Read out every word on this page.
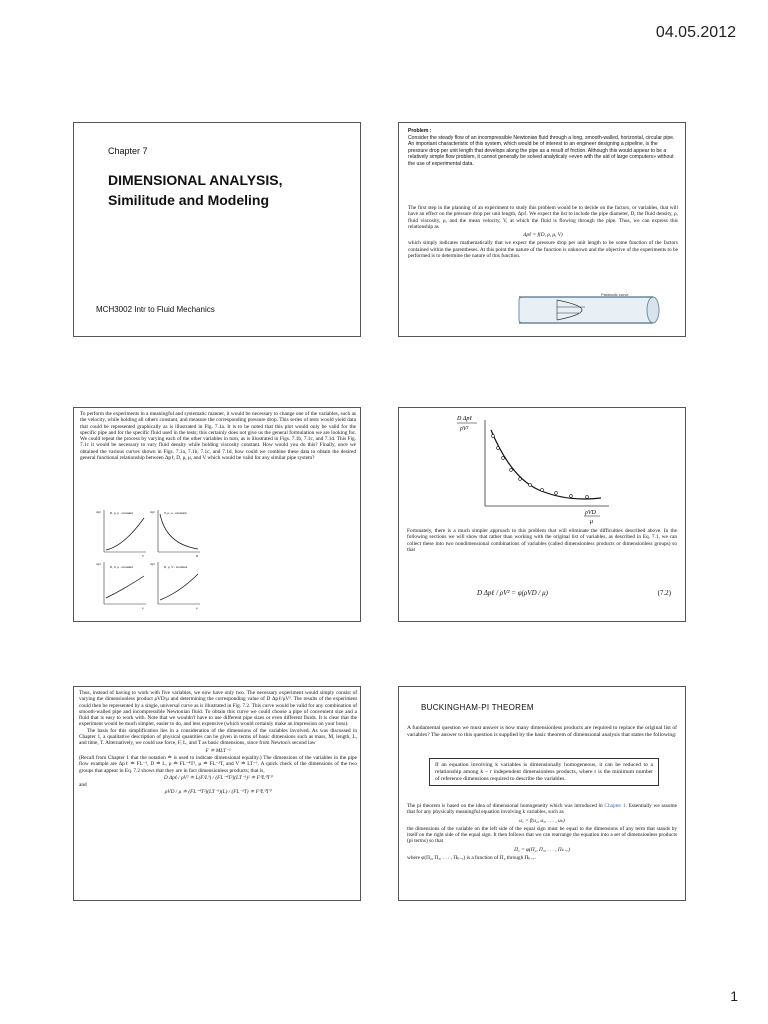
04.05.2012
Chapter 7
DIMENSIONAL ANALYSIS,
Similitude and Modeling
MCH3002 Intr to Fluid Mechanics
Problem :
Consider the steady flow of an incompressible Newtonian fluid through a long, smooth-walled, horizontal, circular pipe. An important characteristic of this system, which would be of interest to an engineer designing a pipeline, is the pressure drop per unit length that develops along the pipe as a result of friction. Although this would appear to be a relatively simple flow problem, it cannot generally be solved analyticaly «even with the aid of large computers» without the use of experimental data.
The first step in the planning of an experiment to study this problem would be to decide on the factors, or variables, that will have an effect on the pressure drop per unit length, Δpℓ. We expect the list to include the pipe diameter, D, the fluid density, ρ, fluid viscosity, μ, and the mean velocity, V, at which the fluid is flowing through the pipe. Thus, we can express this relationship as
Δpℓ = f(D, ρ, μ, V)
which simply indicates mathematically that we expect the pressure drop per unit length to be some function of the factors contained within the parentheses. At this point the nature of the function is unknown and the objective of the experiments to be performed is to determine the nature of this function.
Parabolic curve
To perform the experiments in a meaningful and systematic manner, it would be necessary to change one of the variables, such as the velocity, while holding all others constant, and measure the corresponding pressure drop. This series of tests would yield data that could be represented graphically as is illustrated in Fig. 7.1a. It is to be noted that this plot would only be valid for the specific pipe and for the specific fluid used in the tests; this certainly does not give us the general formulation we are looking for. We could repeat the process by varying each of the other variables in turn, as is illustrated in Figs. 7.1b, 7.1c, and 7.1d. This Fig. 7.1c it would be necessary to vary fluid density while holding viscosity constant. How would you do this? Finally, once we obtained the various curves shown in Figs. 7.1a, 7.1b, 7.1c, and 7.1d, how could we combine these data to obtain the desired general functional relationship between Δpℓ, D, ρ, μ, and V which would be valid for any similar pipe system?
D, ρ, μ - constant
Δpℓ
V
V, ρ, μ - constant
Δpℓ
D
D, V, μ - constant
Δpℓ
ρ
D, ρ, V - constant
Δpℓ
μ
D Δpℓ
ρV²
ρVD
μ
Fortunately, there is a much simpler approach to this problem that will eliminate the difficulties described above. In the following sections we will show that rather than working with the original list of variables, as described in Eq. 7.1, we can collect these into two nondimensional combinations of variables (called dimensionless products or dimensionless groups) so that
D Δpℓ / ρV² = φ(ρVD / μ)	(7.2)
Thus, instead of having to work with five variables, we now have only two. The necessary experiment would simply consist of varying the dimensionless product ρVD/μ and determining the corresponding value of D Δpℓ/ρV². The results of the experiment could then be represented by a single, universal curve as is illustrated in Fig. 7.2. This curve would be valid for any combination of smooth-walled pipe and incompressible Newtonian fluid. To obtain this curve we could choose a pipe of convenient size and a fluid that is easy to work with. Note that we wouldn't have to use different pipe sizes or even different fluids. It is clear that the experiment would be much simpler, easier to do, and less expensive (which would certainly make an impression on your boss).
The basis for this simplification lies in a consideration of the dimensions of the variables involved. As was discussed in Chapter 1, a qualitative description of physical quantities can be given in terms of basic dimensions such as mass, M, length, L, and time, T. Alternatively, we could use force, F, L, and T as basic dimensions, since from Newton's second law
F ≐ MLT⁻²
(Recall from Chapter 1 that the notation ≐ is used to indicate dimensional equality.) The dimensions of the variables in the pipe flow example are Δpℓ ≐ FL⁻³, D ≐ L, ρ ≐ FL⁻⁴T², μ ≐ FL⁻²T, and V ≐ LT⁻¹. A quick check of the dimensions of the two groups that appear in Eq. 7.2 shows that they are in fact dimensionless products; that is,
D Δpℓ / ρV² ≐ L(F/L³) / (FL⁻⁴T²)(LT⁻¹)² ≐ F⁰L⁰T⁰
and
ρVD / μ ≐ (FL⁻⁴T²)(LT⁻¹)(L) / (FL⁻²T) ≐ F⁰L⁰T⁰
BUCKINGHAM-PI THEOREM
A fundamental question we must answer is how many dimensionless products are required to replace the original list of variables? The answer to this question is supplied by the basic theorem of dimensional analysis that states the following:
If an equation involving k variables is dimensionally homogeneous, it can be reduced to a relationship among k − r independent dimensionless products, where r is the minimum number of reference dimensions required to describe the variables.
The pi theorem is based on the idea of dimensional homogeneity which was introduced in Chapter 1. Essentially we assume that for any physically meaningful equation involving k variables, such as
u₁ = f(u₂, u₃, . . . , uₖ)
the dimensions of the variable on the left side of the equal sign must be equal to the dimensions of any term that stands by itself on the right side of the equal sign. It then follows that we can rearrange the equation into a set of dimensionless products (pi terms) so that
Π₁ = φ(Π₂, Π₃, . . . , Πₖ₋ᵣ)
where φ(Π₂, Π₃, . . . , Πₖ₋ᵣ) is a function of Π₂ through Πₖ₋ᵣ.
1
